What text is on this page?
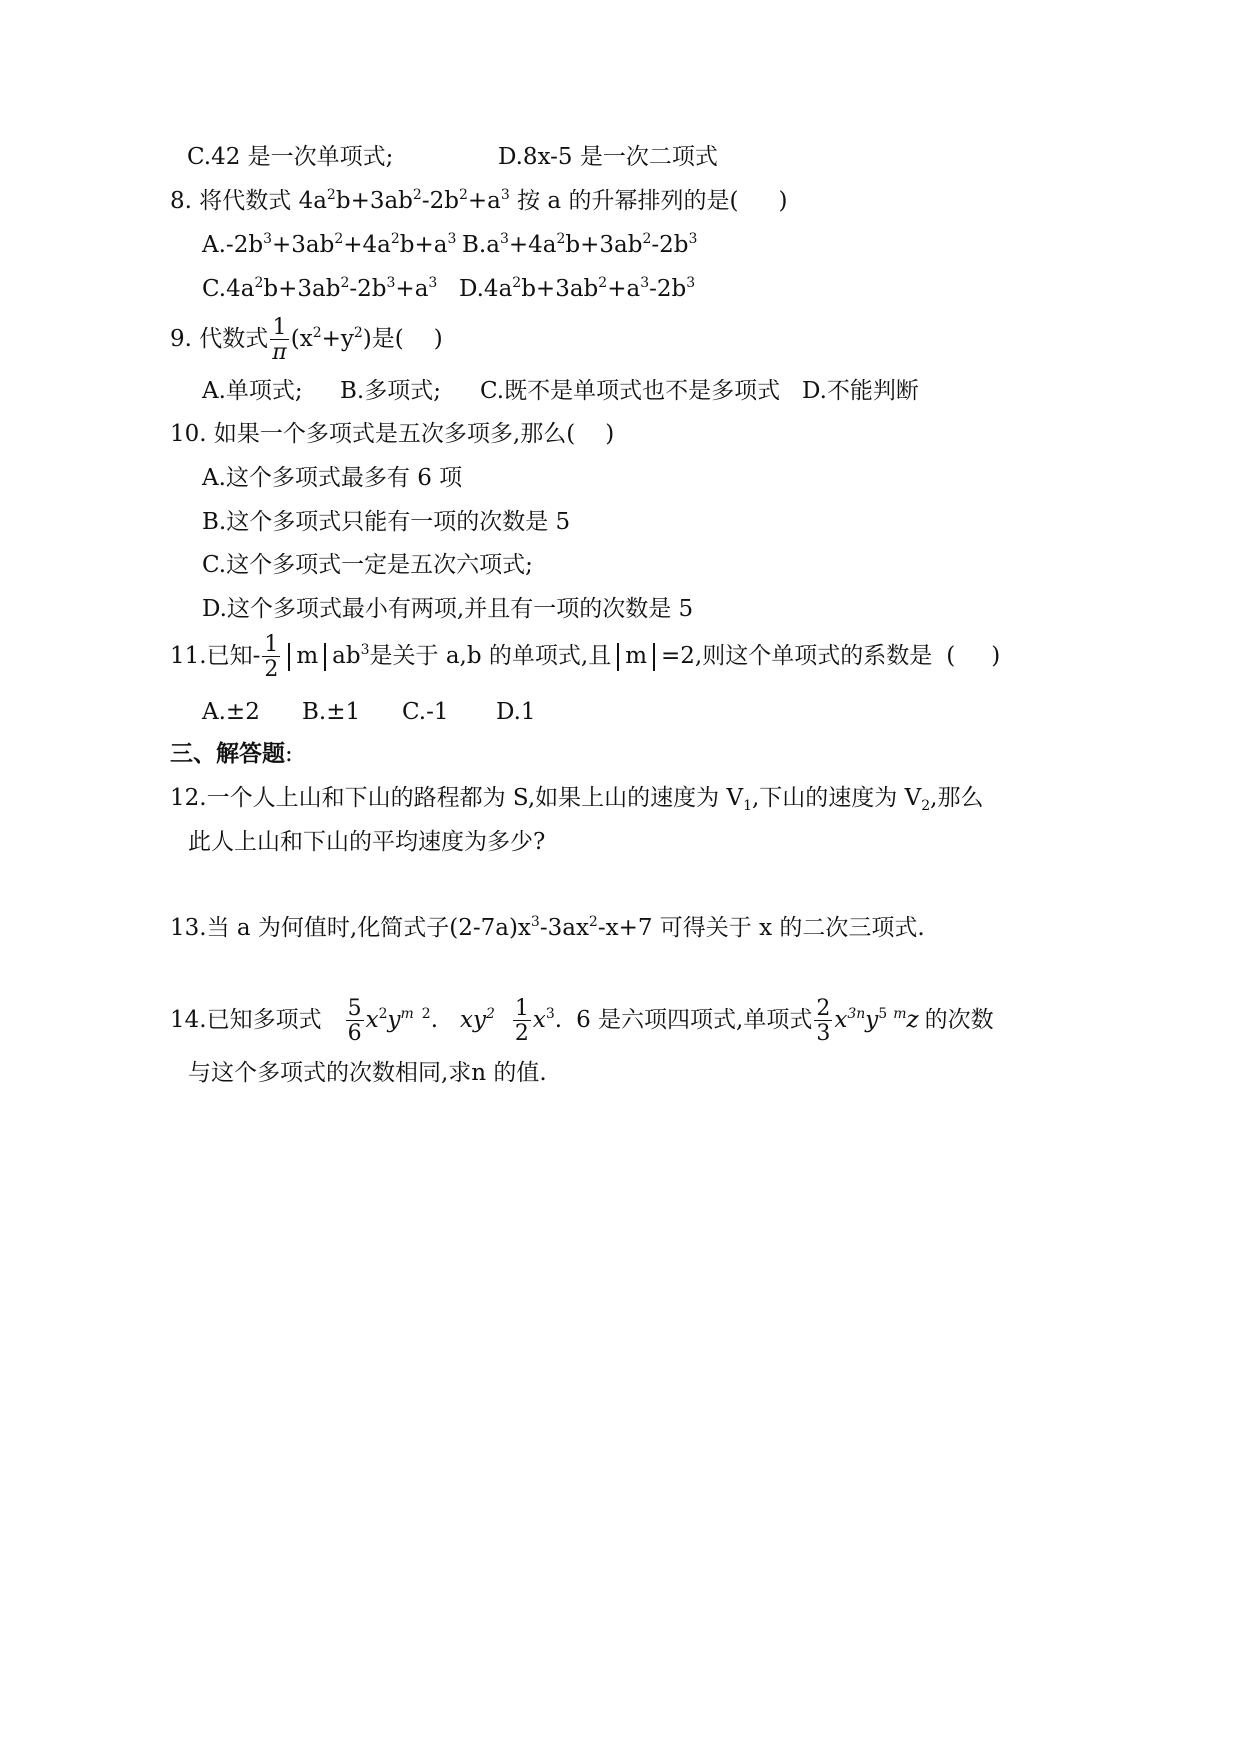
C.42 是一次单项式;	D.8x-5 是一次二项式
8. 将代数式 $4a^2b+3ab^2-2b^2+a^3$ 按 a 的升幂排列的是( )
$A.-2b^3+3ab^2+4a^2b+a^3$ $B.a^3+4a^2b+3ab^2-2b^3$
$C.4a^2b+3ab^2-2b^3+a^3$ $D.4a^2b+3ab^2+a^3-2b^3$
9. 代数式 $\frac{1}{\pi} (x^2+y^2)$是( )
A.单项式; B.多项式; C.既不是单项式也不是多项式 D.不能判断
10. 如果一个多项式是五次多项多,那么( )
A.这个多项式最多有 6 项
B.这个多项式只能有一项的次数是 5
C.这个多项式一定是五次六项式;
D.这个多项式最小有两项,并且有一项的次数是 5
11.已知- $\frac{1}{2}$ m $ab^3$是关于 a,b 的单项式,且 m =2,则这个单项式的系数是 ( )
A.±2 B.±1 C.-1 D.1
三、解答题:
12.一个人上山和下山的路程都为 S,如果上山的速度为 $V_1$,下山的速度为 $V_2$,那么
此人上山和下山的平均速度为多少?
13.当 a 为何值时,化简式子$(2-7a)x^3-3ax^2-x+7$ 可得关于 x 的二次三项式.
14.已知多项式 $\frac{5}{6} x^2y^m$ $^2$. $xy^2 \frac{1}{2} x^3$. 6 是六项四项式,单项式 $\frac{2}{3} x^{3n}y^5$ $^m$z 的次数
与这个多项式的次数相同,求n 的值.
